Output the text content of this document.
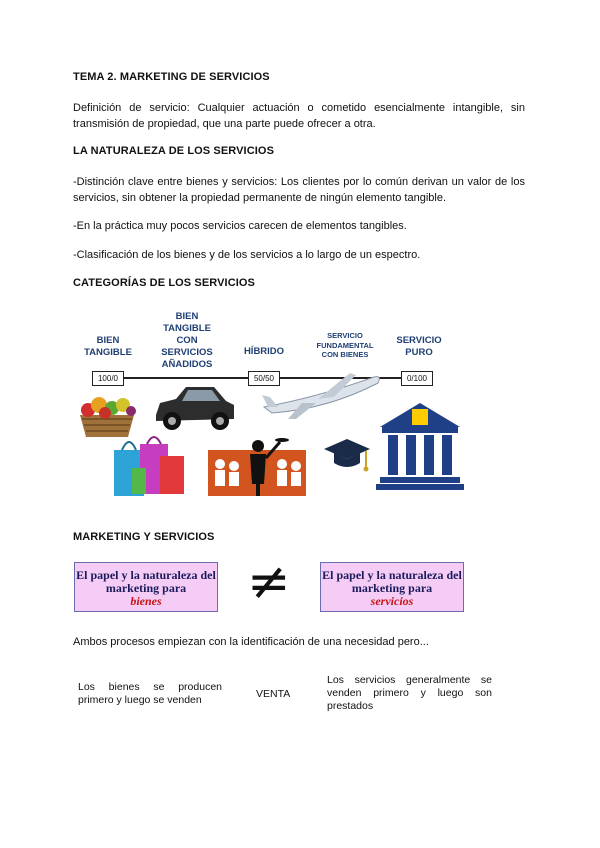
TEMA 2. MARKETING DE SERVICIOS
Definición de servicio: Cualquier actuación o cometido esencialmente intangible, sin transmisión de propiedad, que una parte puede ofrecer a otra.
LA NATURALEZA DE LOS SERVICIOS
-Distinción clave entre bienes y servicios: Los clientes por lo común derivan un valor de los servicios, sin obtener la propiedad permanente de ningún elemento tangible.
-En la práctica muy pocos servicios carecen de elementos tangibles.
-Clasificación de los bienes y de los servicios a lo largo de un espectro.
CATEGORÍAS DE LOS SERVICIOS
BIEN TANGIBLE
BIEN TANGIBLE CON SERVICIOS AÑADIDOS
HÍBRIDO
SERVICIO FUNDAMENTAL CON BIENES
SERVICIO PURO
100/0	50/50	0/100
MARKETING Y SERVICIOS
El papel y la naturaleza del
marketing para
bienes	≠	El papel y la naturaleza del
marketing para
servicios
Ambos procesos empiezan con la identificación de una necesidad pero...
Los bienes se producen primero y luego se venden	VENTA
Los servicios generalmente se venden primero y luego son prestados
